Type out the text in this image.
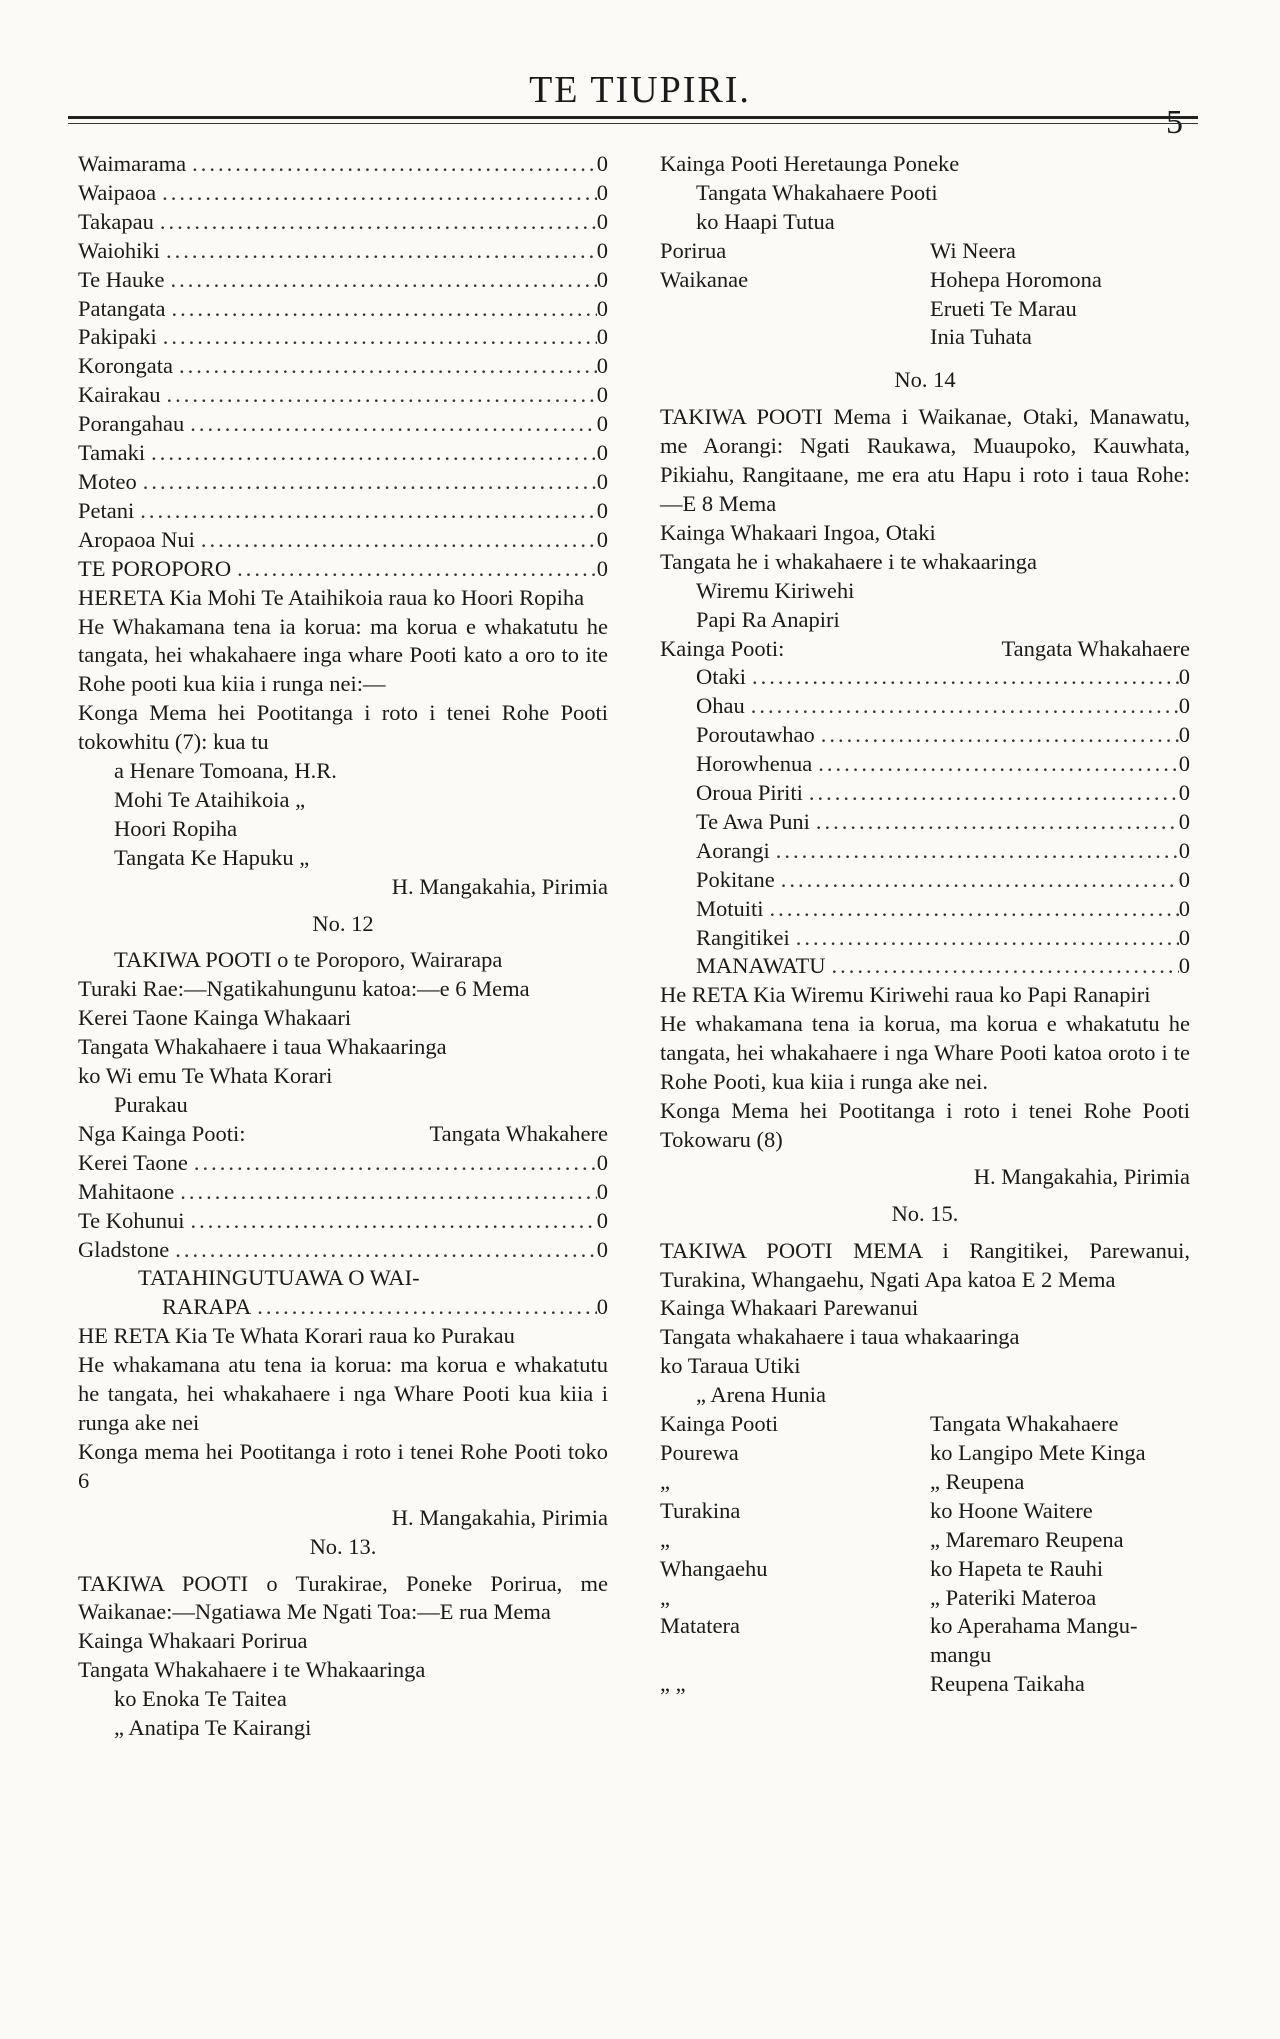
TE TIUPIRI.
5
Waimarama .....	0
Waipaoa .....	0
Takapau .....	0
Waiohiki .....	0
Te Hauke .....	0
Patangata .....	0
Pakipaki .....	0
Korongata .....	0
Kairakau .....	0
Porangahau .....	0
Tamaki .....	0
Moteo .....	0
Petani .....	0
Aropaoa Nui .....	0
TE POROPORO .....	0

HERETA Kia Mohi Te Ataihikoia raua ko Hoori Ropiha

He Whakamana tena ia korua: ma korua e whakatutu he tangata, hei whakahaere inga whare Pooti kato a oro to ite Rohe pooti kua kiia i runga nei:—

Konga Mema hei Pootitanga i roto i tenei Rohe Pooti tokowhitu (7): kua tu

a Henare Tomoana, H.R.

Mohi Te Ataihikoia „

Hoori Ropiha

Tangata Ke Hapuku „

H. Mangakahia, Pirimia

No. 12

TAKIWA POOTI o te Poroporo, Wairarapa

Turaki Rae:—Ngatikahungunu katoa:—e 6 Mema

Kerei Taone Kainga Whakaari

Tangata Whakahaere i taua Whakaaringa

ko Wi emu Te Whata Korari

Purakau

Nga Kainga Pooti:	Tangata Whakahere
Kerei Taone .....	0
Mahitaone .....	0
Te Kohunui .....	0
Gladstone .....	0

TATAHINGUTUAWA O WAI-

RARAPA .....	0

HE RETA Kia Te Whata Korari raua ko Purakau

He whakamana atu tena ia korua: ma korua e whakatutu he tangata, hei whakahaere i nga Whare Pooti kua kiia i runga ake nei

Konga mema hei Pootitanga i roto i tenei Rohe Pooti toko 6

H. Mangakahia, Pirimia

No. 13.

TAKIWA POOTI o Turakirae, Poneke Porirua, me Waikanae:—Ngatiawa Me Ngati Toa:—E rua Mema

Kainga Whakaari Porirua

Tangata Whakahaere i te Whakaaringa

ko Enoka Te Taitea

„ Anatipa Te Kairangi

Kainga Pooti Heretaunga Poneke

Tangata Whakahaere Pooti

ko Haapi Tutua

Porirua	Wi Neera
Waikanae	Hohepa Horomona
Erueti Te Marau
Inia Tuhata

No. 14

TAKIWA POOTI Mema i Waikanae, Otaki, Manawatu, me Aorangi: Ngati Raukawa, Muaupoko, Kauwhata, Pikiahu, Rangitaane, me era atu Hapu i roto i taua Rohe:—E 8 Mema

Kainga Whakaari Ingoa, Otaki

Tangata he i whakahaere i te whakaaringa

Wiremu Kiriwehi

Papi Ra Anapiri

Kainga Pooti:	Tangata Whakahaere
Otaki .....	0
Ohau .....	0
Poroutawhao .....	0
Horowhenua .....	0
Oroua Piriti .....	0
Te Awa Puni .....	0
Aorangi .....	0
Pokitane .....	0
Motuiti .....	0
Rangitikei .....	0
MANAWATU .....	0

He RETA Kia Wiremu Kiriwehi raua ko Papi Ranapiri

He whakamana tena ia korua, ma korua e whakatutu he tangata, hei whakahaere i nga Whare Pooti katoa oroto i te Rohe Pooti, kua kiia i runga ake nei.

Konga Mema hei Pootitanga i roto i tenei Rohe Pooti Tokowaru (8)

H. Mangakahia, Pirimia

No. 15.

TAKIWA POOTI MEMA i Rangitikei, Parewanui, Turakina, Whangaehu, Ngati Apa katoa E 2 Mema

Kainga Whakaari Parewanui

Tangata whakahaere i taua whakaaringa

ko Taraua Utiki

„ Arena Hunia

Kainga Pooti	Tangata Whakahaere
Pourewa	ko Langipo Mete Kinga
„	„ Reupena
Turakina	ko Hoone Waitere
„	„ Maremaro Reupena
Whangaehu	ko Hapeta te Rauhi
„	„ Pateriki Materoa
Matatera	ko Aperahama Mangu-
mangu
„ „	Reupena Taikaha
